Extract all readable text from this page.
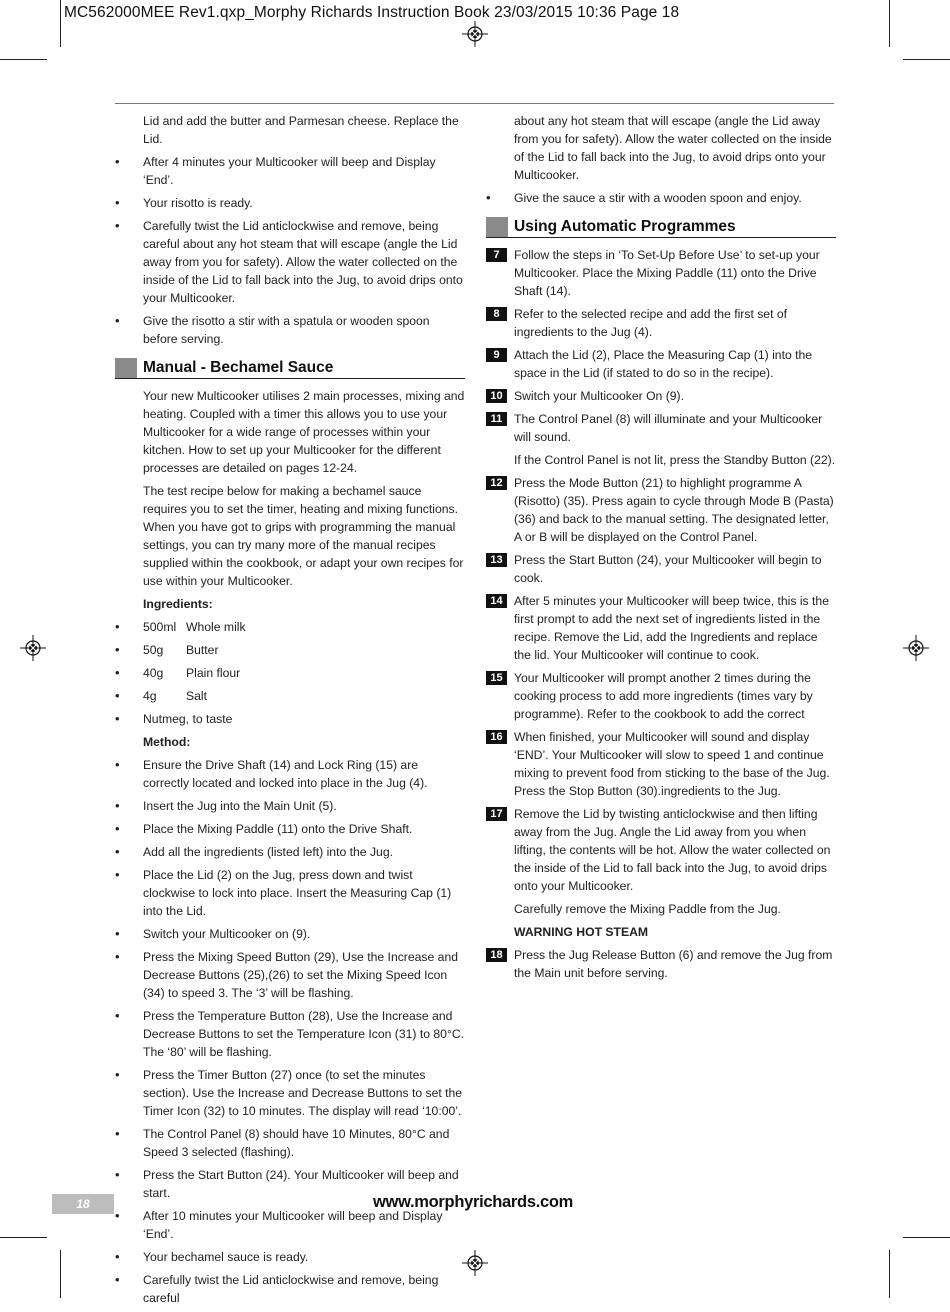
MC562000MEE Rev1.qxp_Morphy Richards Instruction Book 23/03/2015 10:36 Page 18

Lid and add the butter and Parmesan cheese. Replace the Lid.

• After 4 minutes your Multicooker will beep and Display ‘End’.
• Your risotto is ready.
• Carefully twist the Lid anticlockwise and remove, being careful about any hot steam that will escape (angle the Lid away from you for safety). Allow the water collected on the inside of the Lid to fall back into the Jug, to avoid drips onto your Multicooker.
• Give the risotto a stir with a spatula or wooden spoon before serving.
Manual - Bechamel Sauce

Your new Multicooker utilises 2 main processes, mixing and heating. Coupled with a timer this allows you to use your Multicooker for a wide range of processes within your kitchen. How to set up your Multicooker for the different processes are detailed on pages 12-24.

The test recipe below for making a bechamel sauce requires you to set the timer, heating and mixing functions. When you have got to grips with programming the manual settings, you can try many more of the manual recipes supplied within the cookbook, or adapt your own recipes for use within your Multicooker.

Ingredients:

• 500ml Whole milk
• 50g Butter
• 40g Plain flour
• 4g Salt
• Nutmeg, to taste

Method:

• Ensure the Drive Shaft (14) and Lock Ring (15) are correctly located and locked into place in the Jug (4).
• Insert the Jug into the Main Unit (5).
• Place the Mixing Paddle (11) onto the Drive Shaft.
• Add all the ingredients (listed left) into the Jug.
• Place the Lid (2) on the Jug, press down and twist clockwise to lock into place. Insert the Measuring Cap (1) into the Lid.
• Switch your Multicooker on (9).
• Press the Mixing Speed Button (29), Use the Increase and Decrease Buttons (25),(26) to set the Mixing Speed Icon (34) to speed 3. The ‘3’ will be flashing.
• Press the Temperature Button (28), Use the Increase and Decrease Buttons to set the Temperature Icon (31) to 80°C. The ‘80’ will be flashing.
• Press the Timer Button (27) once (to set the minutes section). Use the Increase and Decrease Buttons to set the Timer Icon (32) to 10 minutes. The display will read ‘10:00’.
• The Control Panel (8) should have 10 Minutes, 80°C and Speed 3 selected (flashing).
• Press the Start Button (24). Your Multicooker will beep and start.
• After 10 minutes your Multicooker will beep and Display ‘End’.
• Your bechamel sauce is ready.
• Carefully twist the Lid anticlockwise and remove, being careful

about any hot steam that will escape (angle the Lid away from you for safety). Allow the water collected on the inside of the Lid to fall back into the Jug, to avoid drips onto your Multicooker.

• Give the sauce a stir with a wooden spoon and enjoy.
Using Automatic Programmes
7	Follow the steps in ‘To Set-Up Before Use’ to set-up your Multicooker. Place the Mixing Paddle (11) onto the Drive Shaft (14).
8	Refer to the selected recipe and add the first set of ingredients to the Jug (4).
9	Attach the Lid (2), Place the Measuring Cap (1) into the space in the Lid (if stated to do so in the recipe).
10 Switch your Multicooker On (9).
11 The Control Panel (8) will illuminate and your Multicooker will sound.

If the Control Panel is not lit, press the Standby Button (22).

12 Press the Mode Button (21) to highlight programme A (Risotto) (35). Press again to cycle through Mode B (Pasta) (36) and back to the manual setting. The designated letter, A or B will be displayed on the Control Panel.
13 Press the Start Button (24), your Multicooker will begin to cook.
14 After 5 minutes your Multicooker will beep twice, this is the first prompt to add the next set of ingredients listed in the recipe. Remove the Lid, add the Ingredients and replace the lid. Your Multicooker will continue to cook.
15 Your Multicooker will prompt another 2 times during the cooking process to add more ingredients (times vary by programme). Refer to the cookbook to add the correct
16 When finished, your Multicooker will sound and display ‘END’. Your Multicooker will slow to speed 1 and continue mixing to prevent food from sticking to the base of the Jug. Press the Stop Button (30).ingredients to the Jug.
17 Remove the Lid by twisting anticlockwise and then lifting away from the Jug. Angle the Lid away from you when lifting, the contents will be hot. Allow the water collected on the inside of the Lid to fall back into the Jug, to avoid drips onto your Multicooker.

Carefully remove the Mixing Paddle from the Jug.

WARNING HOT STEAM

18 Press the Jug Release Button (6) and remove the Jug from the Main unit before serving.
18	www.morphyrichards.com
